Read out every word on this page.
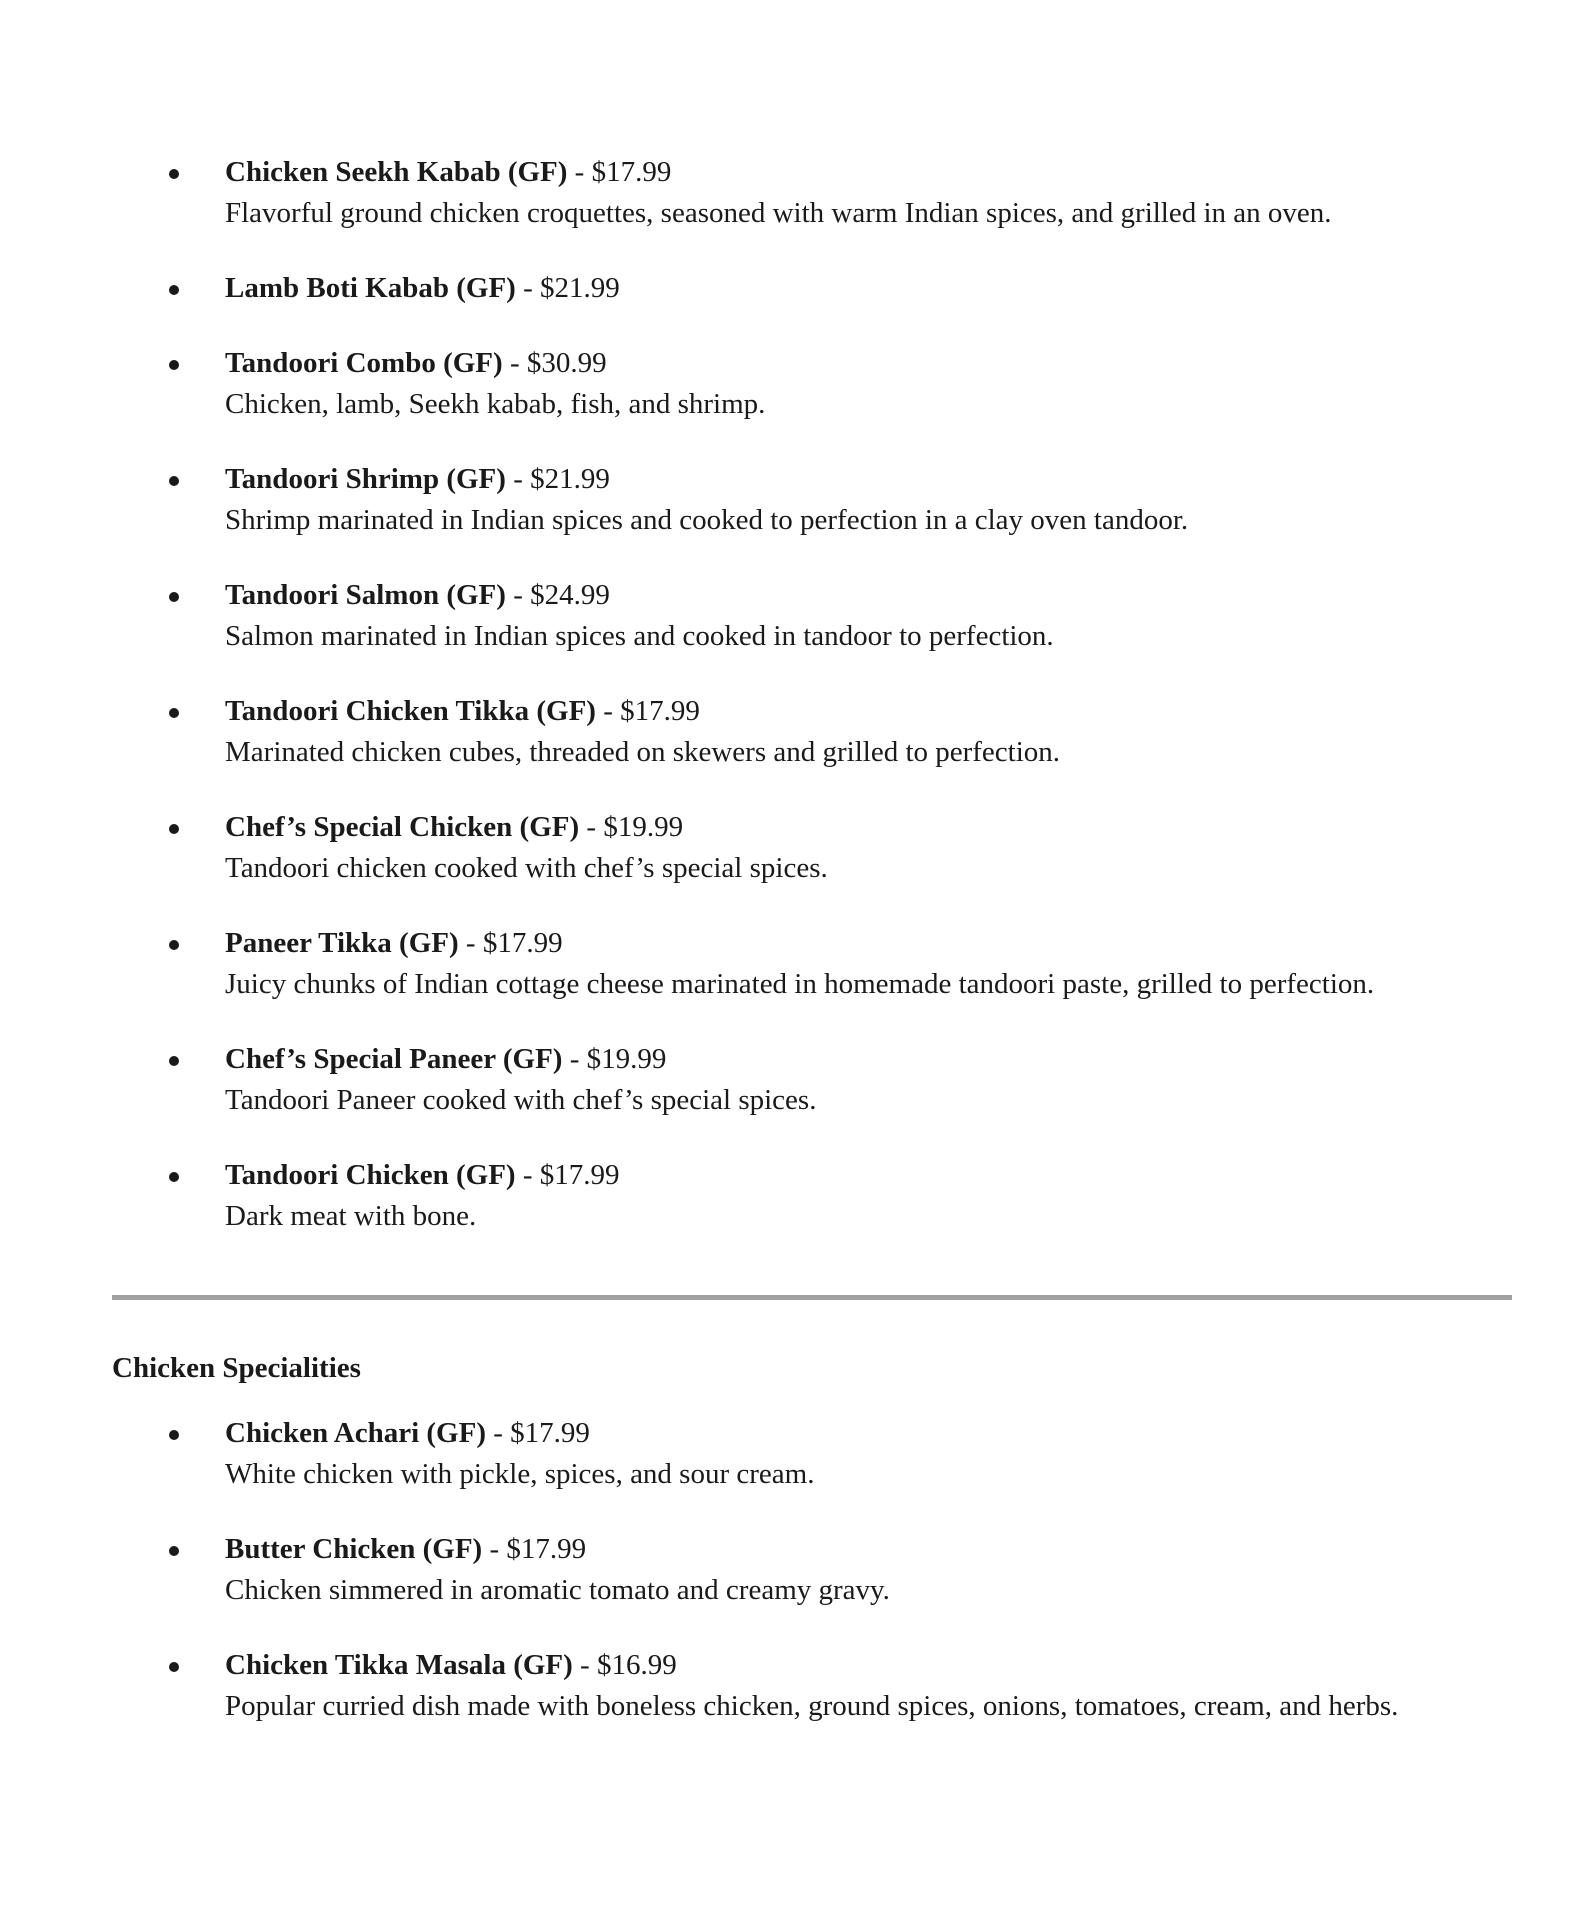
Chicken Seekh Kabab (GF) - $17.99
Flavorful ground chicken croquettes, seasoned with warm Indian spices, and grilled in an oven.
Lamb Boti Kabab (GF) - $21.99
Tandoori Combo (GF) - $30.99
Chicken, lamb, Seekh kabab, fish, and shrimp.
Tandoori Shrimp (GF) - $21.99
Shrimp marinated in Indian spices and cooked to perfection in a clay oven tandoor.
Tandoori Salmon (GF) - $24.99
Salmon marinated in Indian spices and cooked in tandoor to perfection.
Tandoori Chicken Tikka (GF) - $17.99
Marinated chicken cubes, threaded on skewers and grilled to perfection.
Chef’s Special Chicken (GF) - $19.99
Tandoori chicken cooked with chef’s special spices.
Paneer Tikka (GF) - $17.99
Juicy chunks of Indian cottage cheese marinated in homemade tandoori paste, grilled to perfection.
Chef’s Special Paneer (GF) - $19.99
Tandoori Paneer cooked with chef’s special spices.
Tandoori Chicken (GF) - $17.99
Dark meat with bone.
Chicken Specialities
Chicken Achari (GF) - $17.99
White chicken with pickle, spices, and sour cream.
Butter Chicken (GF) - $17.99
Chicken simmered in aromatic tomato and creamy gravy.
Chicken Tikka Masala (GF) - $16.99
Popular curried dish made with boneless chicken, ground spices, onions, tomatoes, cream, and herbs.
